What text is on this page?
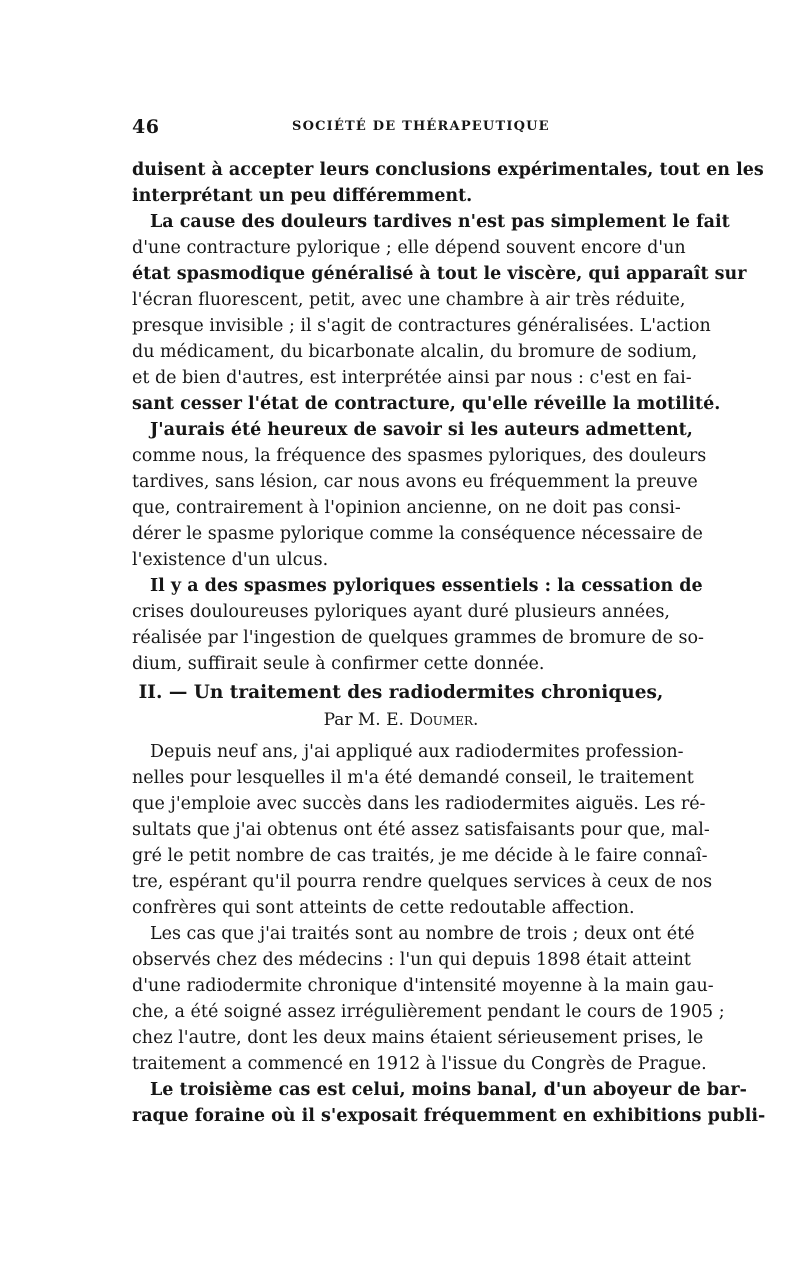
46	SOCIÉTÉ DE THÉRAPEUTIQUE
duisent à accepter leurs conclusions expérimentales, tout en les
interprétant un peu différemment.
La cause des douleurs tardives n'est pas simplement le fait
d'une contracture pylorique ; elle dépend souvent encore d'un
état spasmodique généralisé à tout le viscère, qui apparaît sur
l'écran fluorescent, petit, avec une chambre à air très réduite,
presque invisible ; il s'agit de contractures généralisées. L'action
du médicament, du bicarbonate alcalin, du bromure de sodium,
et de bien d'autres, est interprétée ainsi par nous : c'est en fai-
sant cesser l'état de contracture, qu'elle réveille la motilité.
J'aurais été heureux de savoir si les auteurs admettent,
comme nous, la fréquence des spasmes pyloriques, des douleurs
tardives, sans lésion, car nous avons eu fréquemment la preuve
que, contrairement à l'opinion ancienne, on ne doit pas consi-
dérer le spasme pylorique comme la conséquence nécessaire de
l'existence d'un ulcus.
Il y a des spasmes pyloriques essentiels : la cessation de
crises douloureuses pyloriques ayant duré plusieurs années,
réalisée par l'ingestion de quelques grammes de bromure de so-
dium, suffirait seule à confirmer cette donnée.
II. — Un traitement des radiodermites chroniques,
Par M. E. Doumer.
Depuis neuf ans, j'ai appliqué aux radiodermites profession-
nelles pour lesquelles il m'a été demandé conseil, le traitement
que j'emploie avec succès dans les radiodermites aiguës. Les ré-
sultats que j'ai obtenus ont été assez satisfaisants pour que, mal-
gré le petit nombre de cas traités, je me décide à le faire connaî-
tre, espérant qu'il pourra rendre quelques services à ceux de nos
confrères qui sont atteints de cette redoutable affection.
Les cas que j'ai traités sont au nombre de trois ; deux ont été
observés chez des médecins : l'un qui depuis 1898 était atteint
d'une radiodermite chronique d'intensité moyenne à la main gau-
che, a été soigné assez irrégulièrement pendant le cours de 1905 ;
chez l'autre, dont les deux mains étaient sérieusement prises, le
traitement a commencé en 1912 à l'issue du Congrès de Prague.
Le troisième cas est celui, moins banal, d'un aboyeur de bar-
raque foraine où il s'exposait fréquemment en exhibitions publi-
